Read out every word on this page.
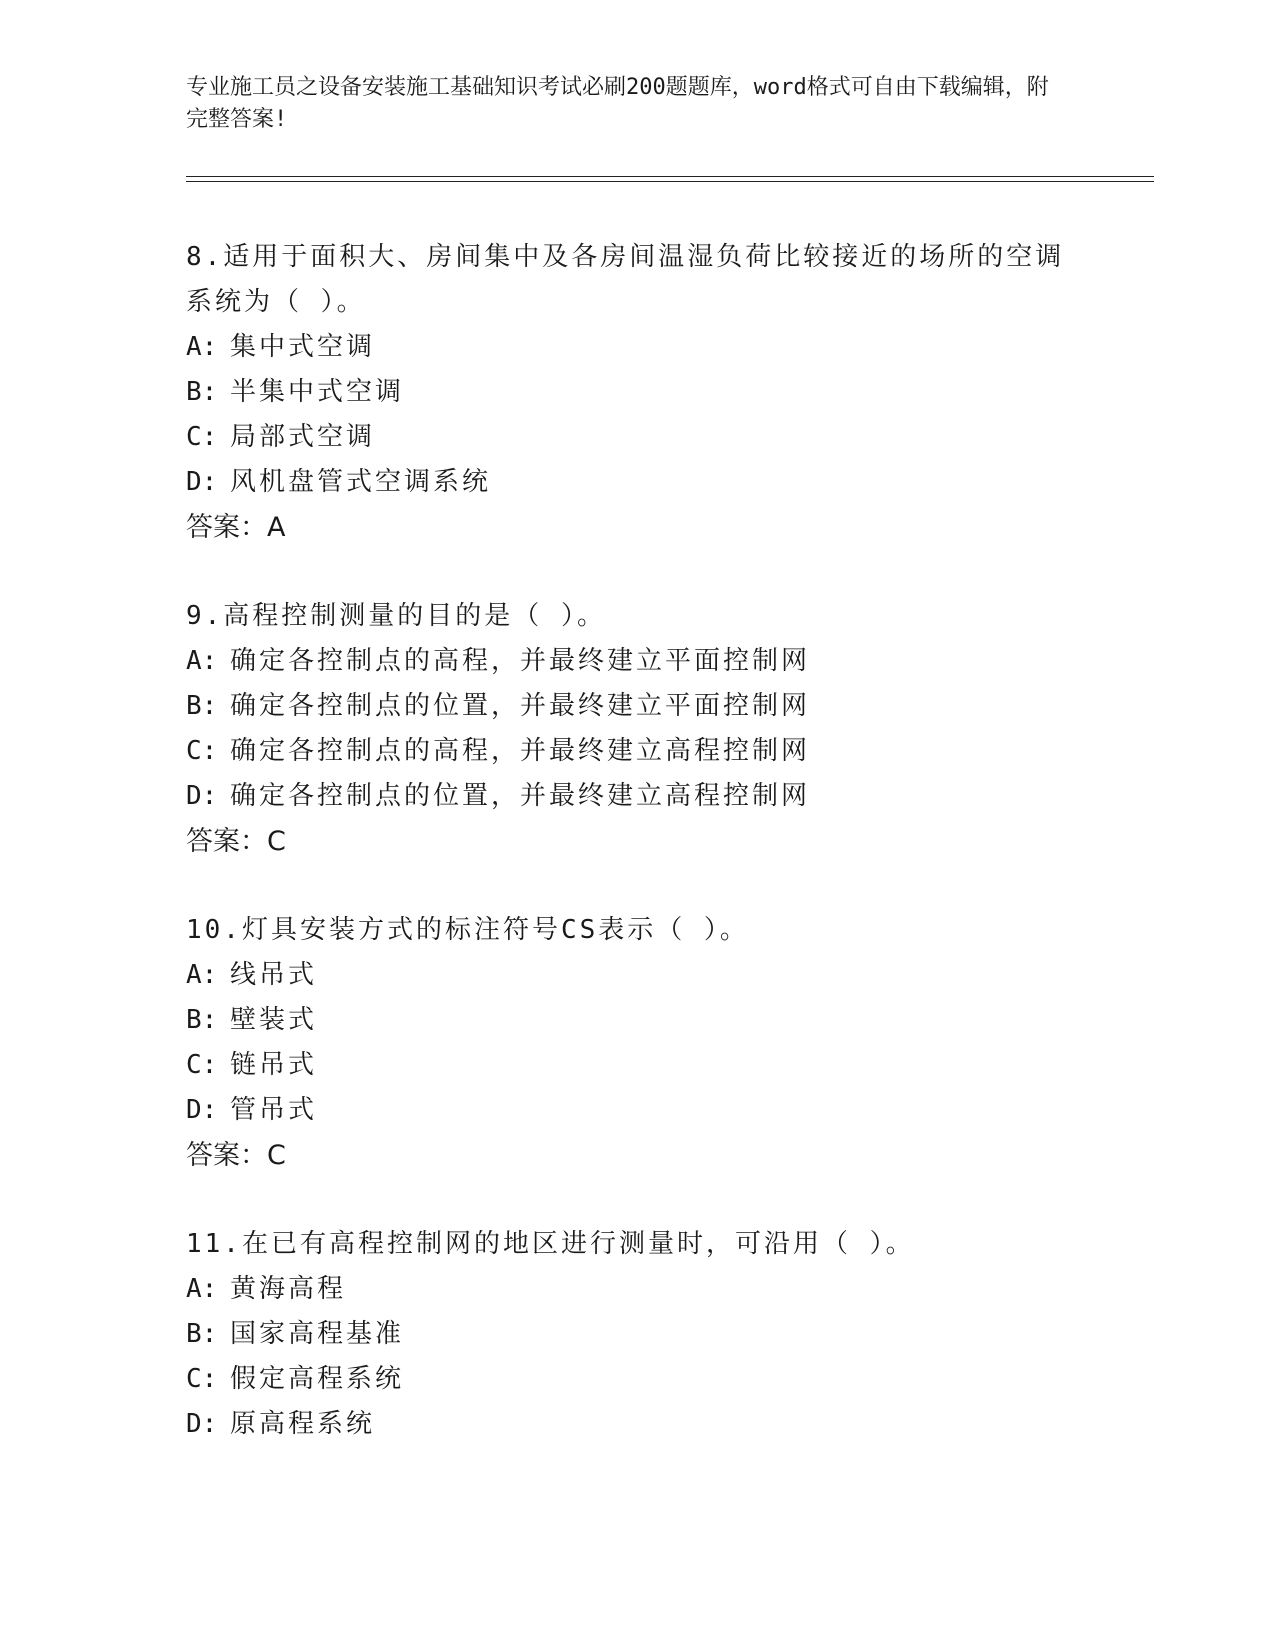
专业施工员之设备安装施工基础知识考试必刷200题题库，word格式可自由下载编辑，附完整答案!
8.适用于面积大、房间集中及各房间温湿负荷比较接近的场所的空调系统为（ ）。
A: 集中式空调
B: 半集中式空调
C: 局部式空调
D: 风机盘管式空调系统
答案：A
9.高程控制测量的目的是（ ）。
A: 确定各控制点的高程，并最终建立平面控制网
B: 确定各控制点的位置，并最终建立平面控制网
C: 确定各控制点的高程，并最终建立高程控制网
D: 确定各控制点的位置，并最终建立高程控制网
答案：C
10.灯具安装方式的标注符号CS表示（ ）。
A: 线吊式
B: 壁装式
C: 链吊式
D: 管吊式
答案：C
11.在已有高程控制网的地区进行测量时，可沿用（ ）。
A: 黄海高程
B: 国家高程基准
C: 假定高程系统
D: 原高程系统
